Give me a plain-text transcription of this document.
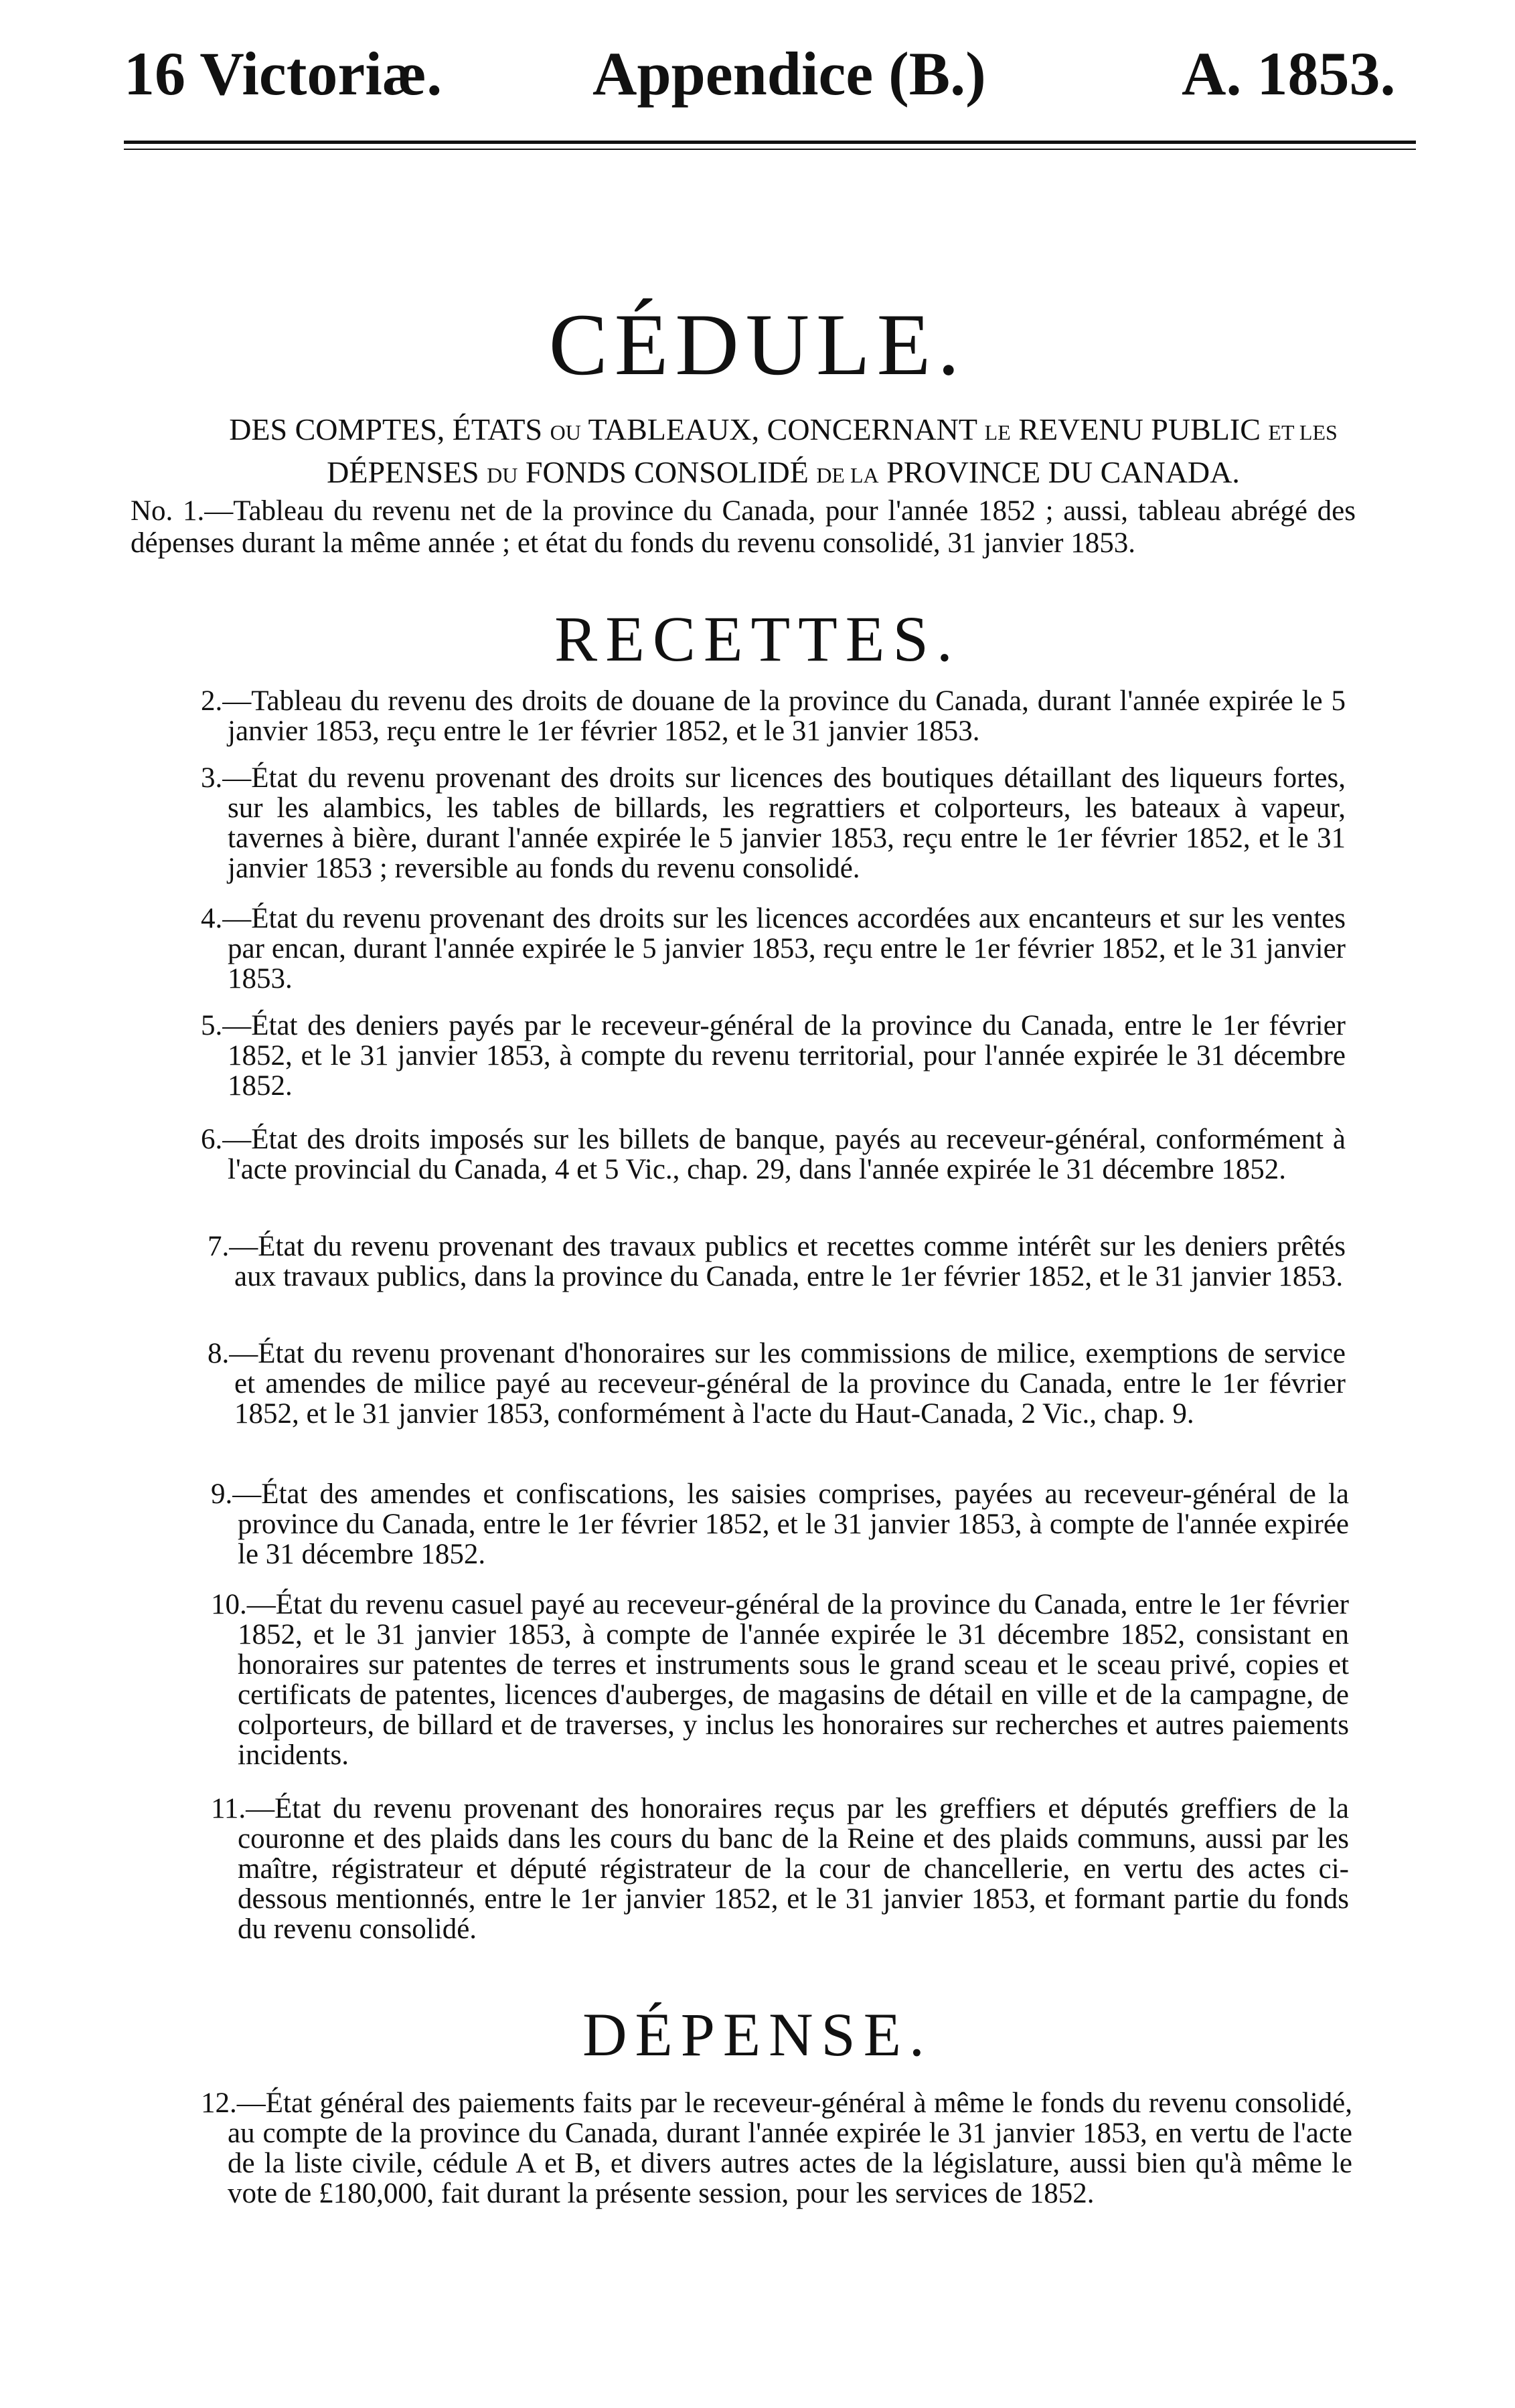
16 Victoriæ. Appendice (B.)	A. 1853.
CÉDULE.
DES COMPTES, ÉTATS OU TABLEAUX, CONCERNANT LE REVENU PUBLIC ET LES
DÉPENSES DU FONDS CONSOLIDÉ DE LA PROVINCE DU CANADA.
No. 1.—Tableau du revenu net de la province du Canada, pour l'année 1852 ; aussi, tableau abrégé des dépenses durant la même année ; et état du fonds du revenu consolidé, 31 janvier 1853.
RECETTES.
2.—Tableau du revenu des droits de douane de la province du Canada, durant l'année expirée le 5 janvier 1853, reçu entre le 1er février 1852, et le 31 janvier 1853.
3.—État du revenu provenant des droits sur licences des boutiques détaillant des liqueurs fortes, sur les alambics, les tables de billards, les regrattiers et colporteurs, les bateaux à vapeur, tavernes à bière, durant l'année expirée le 5 janvier 1853, reçu entre le 1er février 1852, et le 31 janvier 1853 ; reversible au fonds du revenu consolidé.
4.—État du revenu provenant des droits sur les licences accordées aux encanteurs et sur les ventes par encan, durant l'année expirée le 5 janvier 1853, reçu entre le 1er février 1852, et le 31 janvier 1853.
5.—État des deniers payés par le receveur-général de la province du Canada, entre le 1er février 1852, et le 31 janvier 1853, à compte du revenu territorial, pour l'année expirée le 31 décembre 1852.
6.—État des droits imposés sur les billets de banque, payés au receveur-général, conformément à l'acte provincial du Canada, 4 et 5 Vic., chap. 29, dans l'année expirée le 31 décembre 1852.
7.—État du revenu provenant des travaux publics et recettes comme intérêt sur les deniers prêtés aux travaux publics, dans la province du Canada, entre le 1er février 1852, et le 31 janvier 1853.
8.—État du revenu provenant d'honoraires sur les commissions de milice, exemptions de service et amendes de milice payé au receveur-général de la province du Canada, entre le 1er février 1852, et le 31 janvier 1853, conformément à l'acte du Haut-Canada, 2 Vic., chap. 9.
9.—État des amendes et confiscations, les saisies comprises, payées au receveur-général de la province du Canada, entre le 1er février 1852, et le 31 janvier 1853, à compte de l'année expirée le 31 décembre 1852.
10.—État du revenu casuel payé au receveur-général de la province du Canada, entre le 1er février 1852, et le 31 janvier 1853, à compte de l'année expirée le 31 décembre 1852, consistant en honoraires sur patentes de terres et instruments sous le grand sceau et le sceau privé, copies et certificats de patentes, licences d'auberges, de magasins de détail en ville et de la campagne, de colporteurs, de billard et de traverses, y inclus les honoraires sur recherches et autres paiements incidents.
11.—État du revenu provenant des honoraires reçus par les greffiers et députés greffiers de la couronne et des plaids dans les cours du banc de la Reine et des plaids communs, aussi par les maître, régistrateur et député régistrateur de la cour de chancellerie, en vertu des actes ci-dessous mentionnés, entre le 1er janvier 1852, et le 31 janvier 1853, et formant partie du fonds du revenu consolidé.
DÉPENSE.
12.—État général des paiements faits par le receveur-général à même le fonds du revenu consolidé, au compte de la province du Canada, durant l'année expirée le 31 janvier 1853, en vertu de l'acte de la liste civile, cédule A et B, et divers autres actes de la législature, aussi bien qu'à même le vote de £180,000, fait durant la présente session, pour les services de 1852.
